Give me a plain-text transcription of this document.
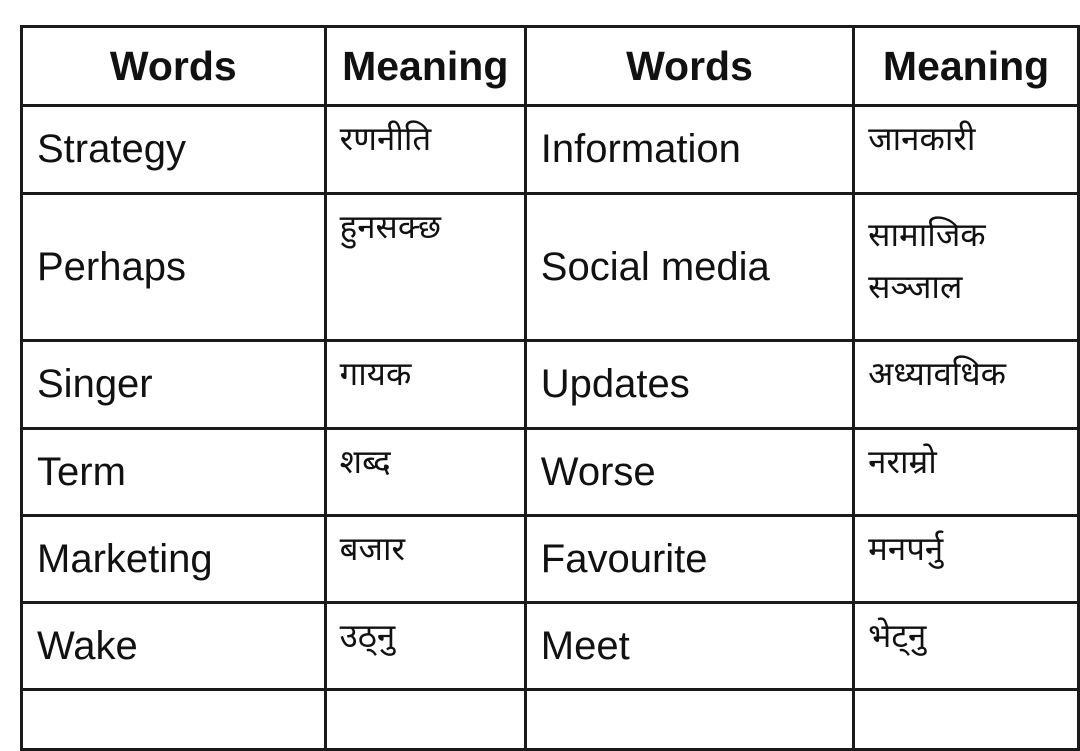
Words	Meaning	Words	Meaning
Strategy	रणनीति	Information	जानकारी
Perhaps	हुनसक्छ	Social media	सामाजिक सञ्जाल
Singer	गायक	Updates	अध्यावधिक
Term	शब्द	Worse	नराम्रो
Marketing	बजार	Favourite	मनपर्नु
Wake	उठ्नु	Meet	भेट्नु
